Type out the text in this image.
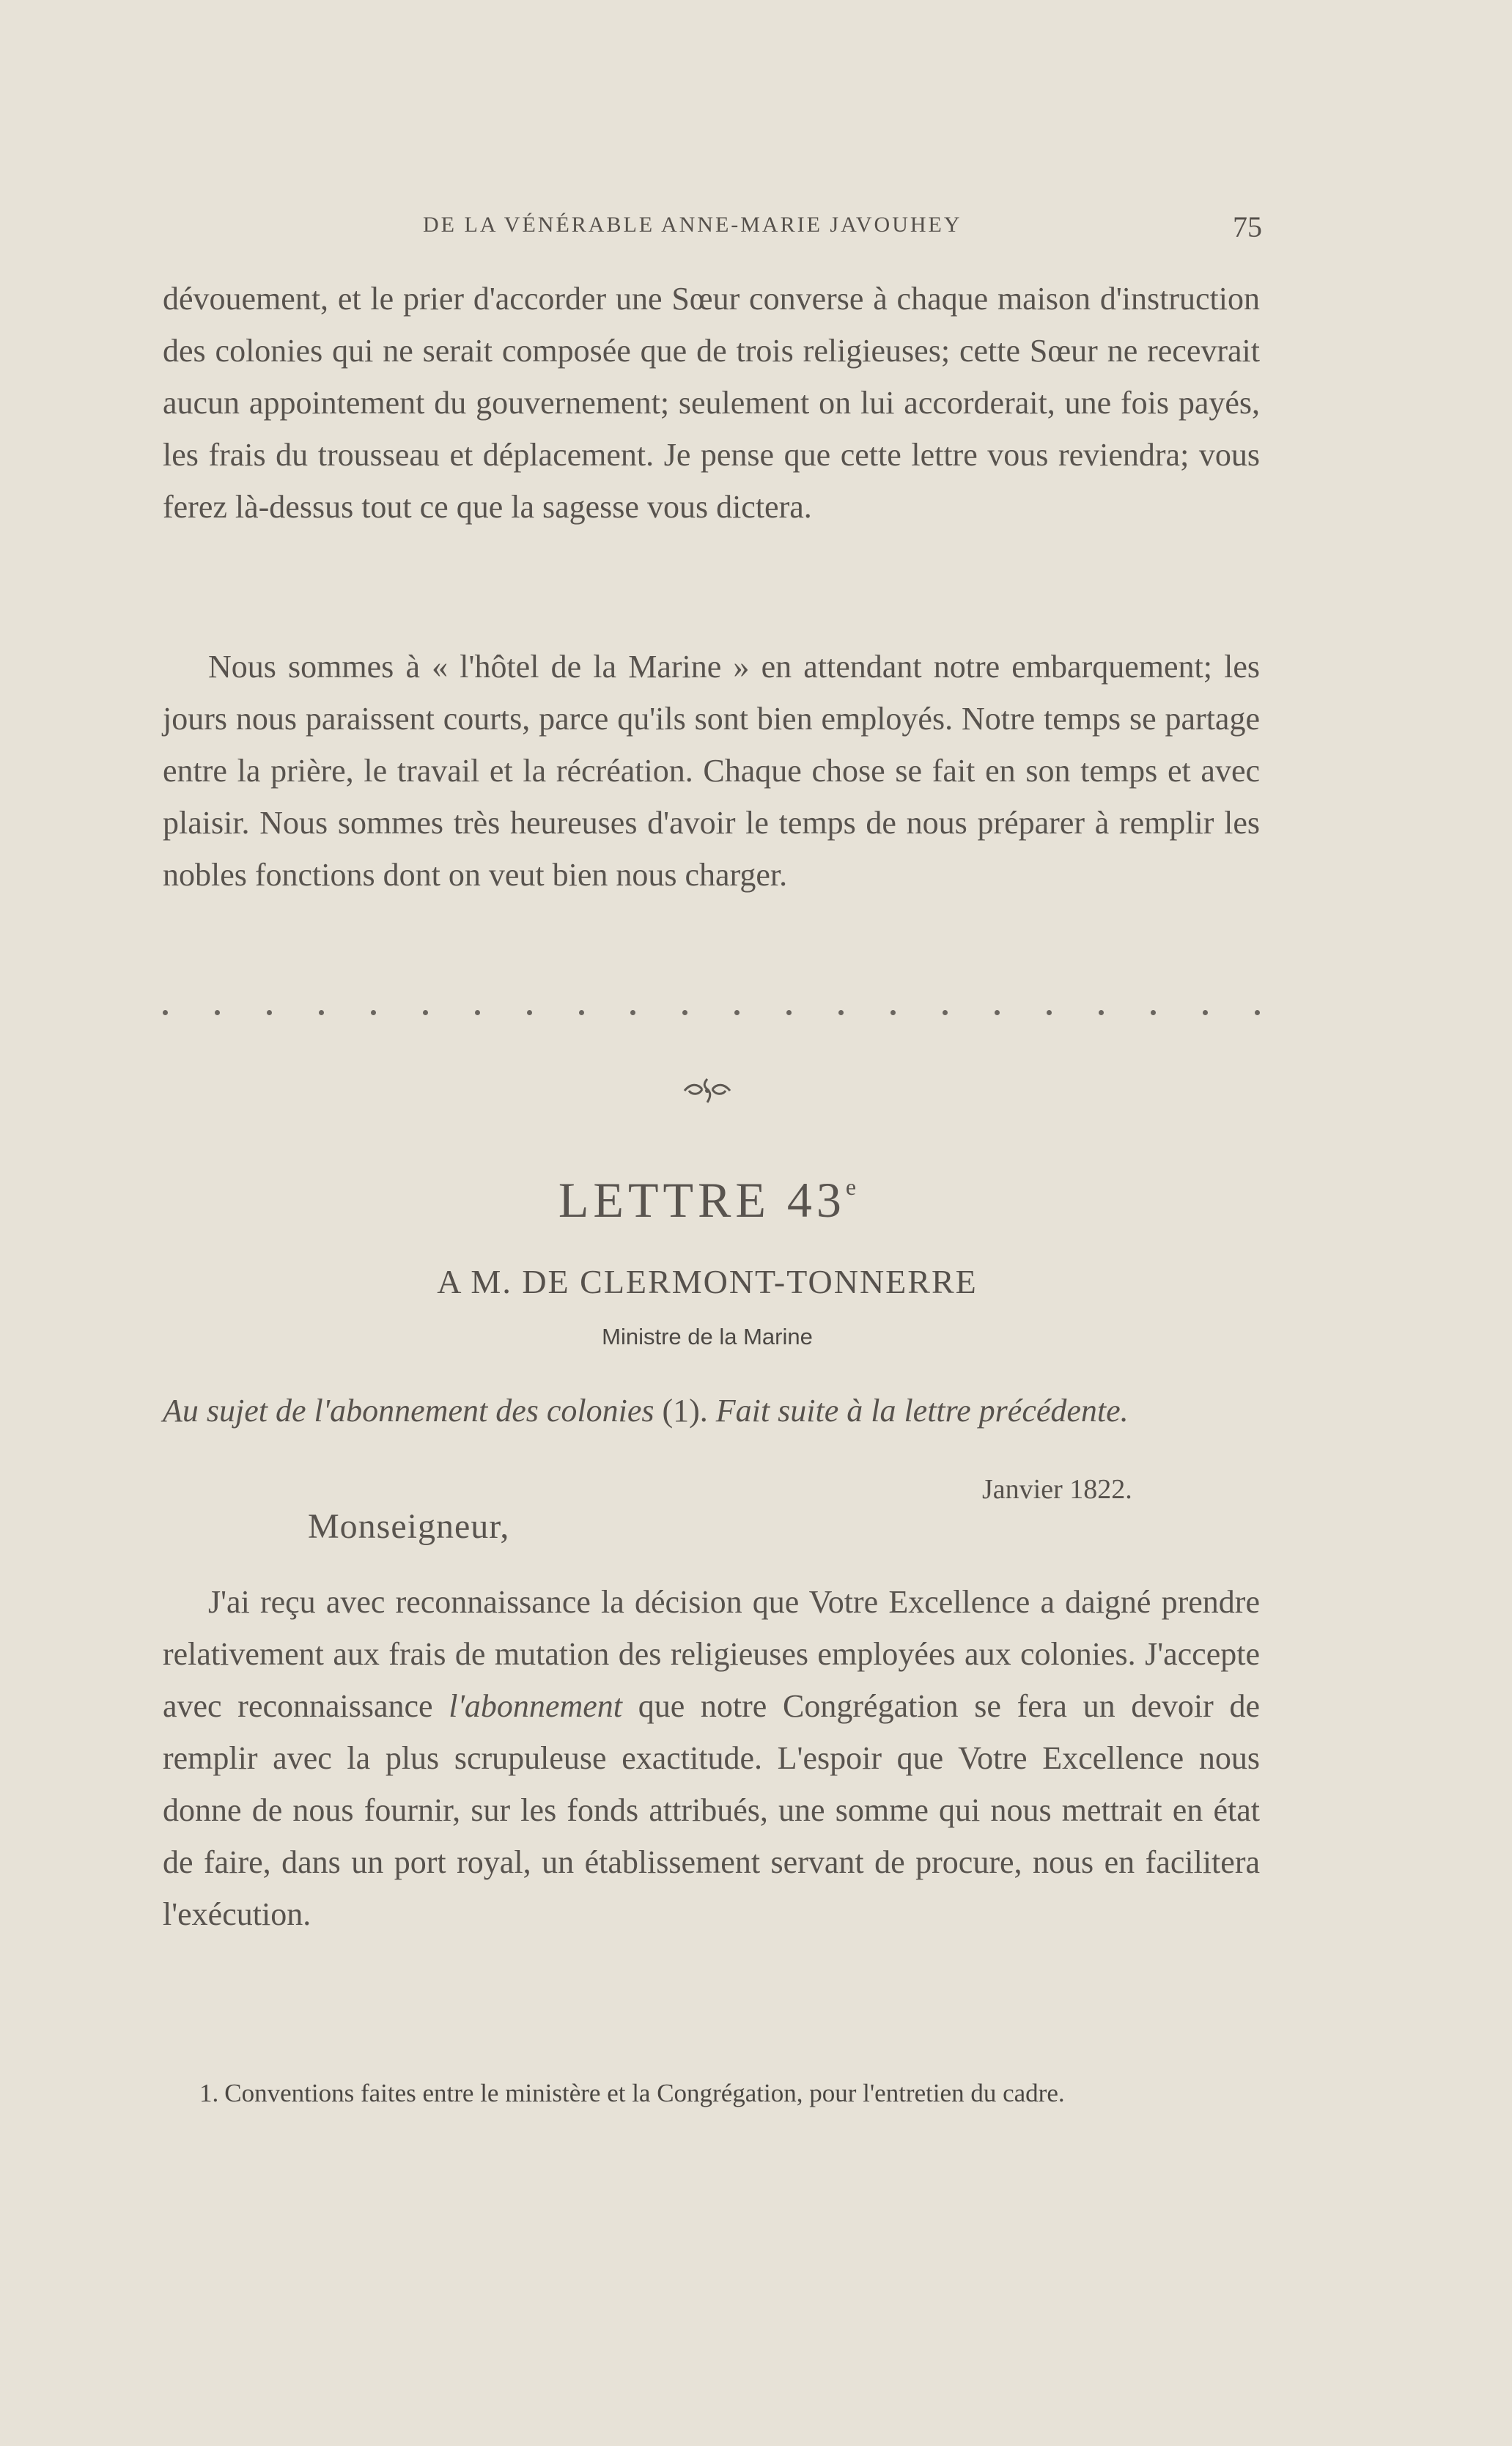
DE LA VÉNÉRABLE ANNE-MARIE JAVOUHEY	75

dévouement, et le prier d'accorder une Sœur converse à chaque maison d'instruction des colonies qui ne serait composée que de trois religieuses; cette Sœur ne recevrait aucun appointement du gouvernement; seulement on lui accorderait, une fois payés, les frais du trousseau et déplacement. Je pense que cette lettre vous reviendra; vous ferez là-dessus tout ce que la sagesse vous dictera.

Nous sommes à « l'hôtel de la Marine » en attendant notre embarquement; les jours nous paraissent courts, parce qu'ils sont bien employés. Notre temps se partage entre la prière, le travail et la récréation. Chaque chose se fait en son temps et avec plaisir. Nous sommes très heureuses d'avoir le temps de nous préparer à remplir les nobles fonctions dont on veut bien nous charger.

LETTRE 43e
A M. DE CLERMONT-TONNERRE
Ministre de la Marine
Au sujet de l'abonnement des colonies (1). Fait suite à la lettre précédente.
Janvier 1822.
Monseigneur,

J'ai reçu avec reconnaissance la décision que Votre Excellence a daigné prendre relativement aux frais de mutation des religieuses employées aux colonies. J'accepte avec reconnaissance l'abonnement que notre Congrégation se fera un devoir de remplir avec la plus scrupuleuse exactitude. L'espoir que Votre Excellence nous donne de nous fournir, sur les fonds attribués, une somme qui nous mettrait en état de faire, dans un port royal, un établissement servant de procure, nous en facilitera l'exécution.

1. Conventions faites entre le ministère et la Congrégation, pour l'entretien du cadre.
